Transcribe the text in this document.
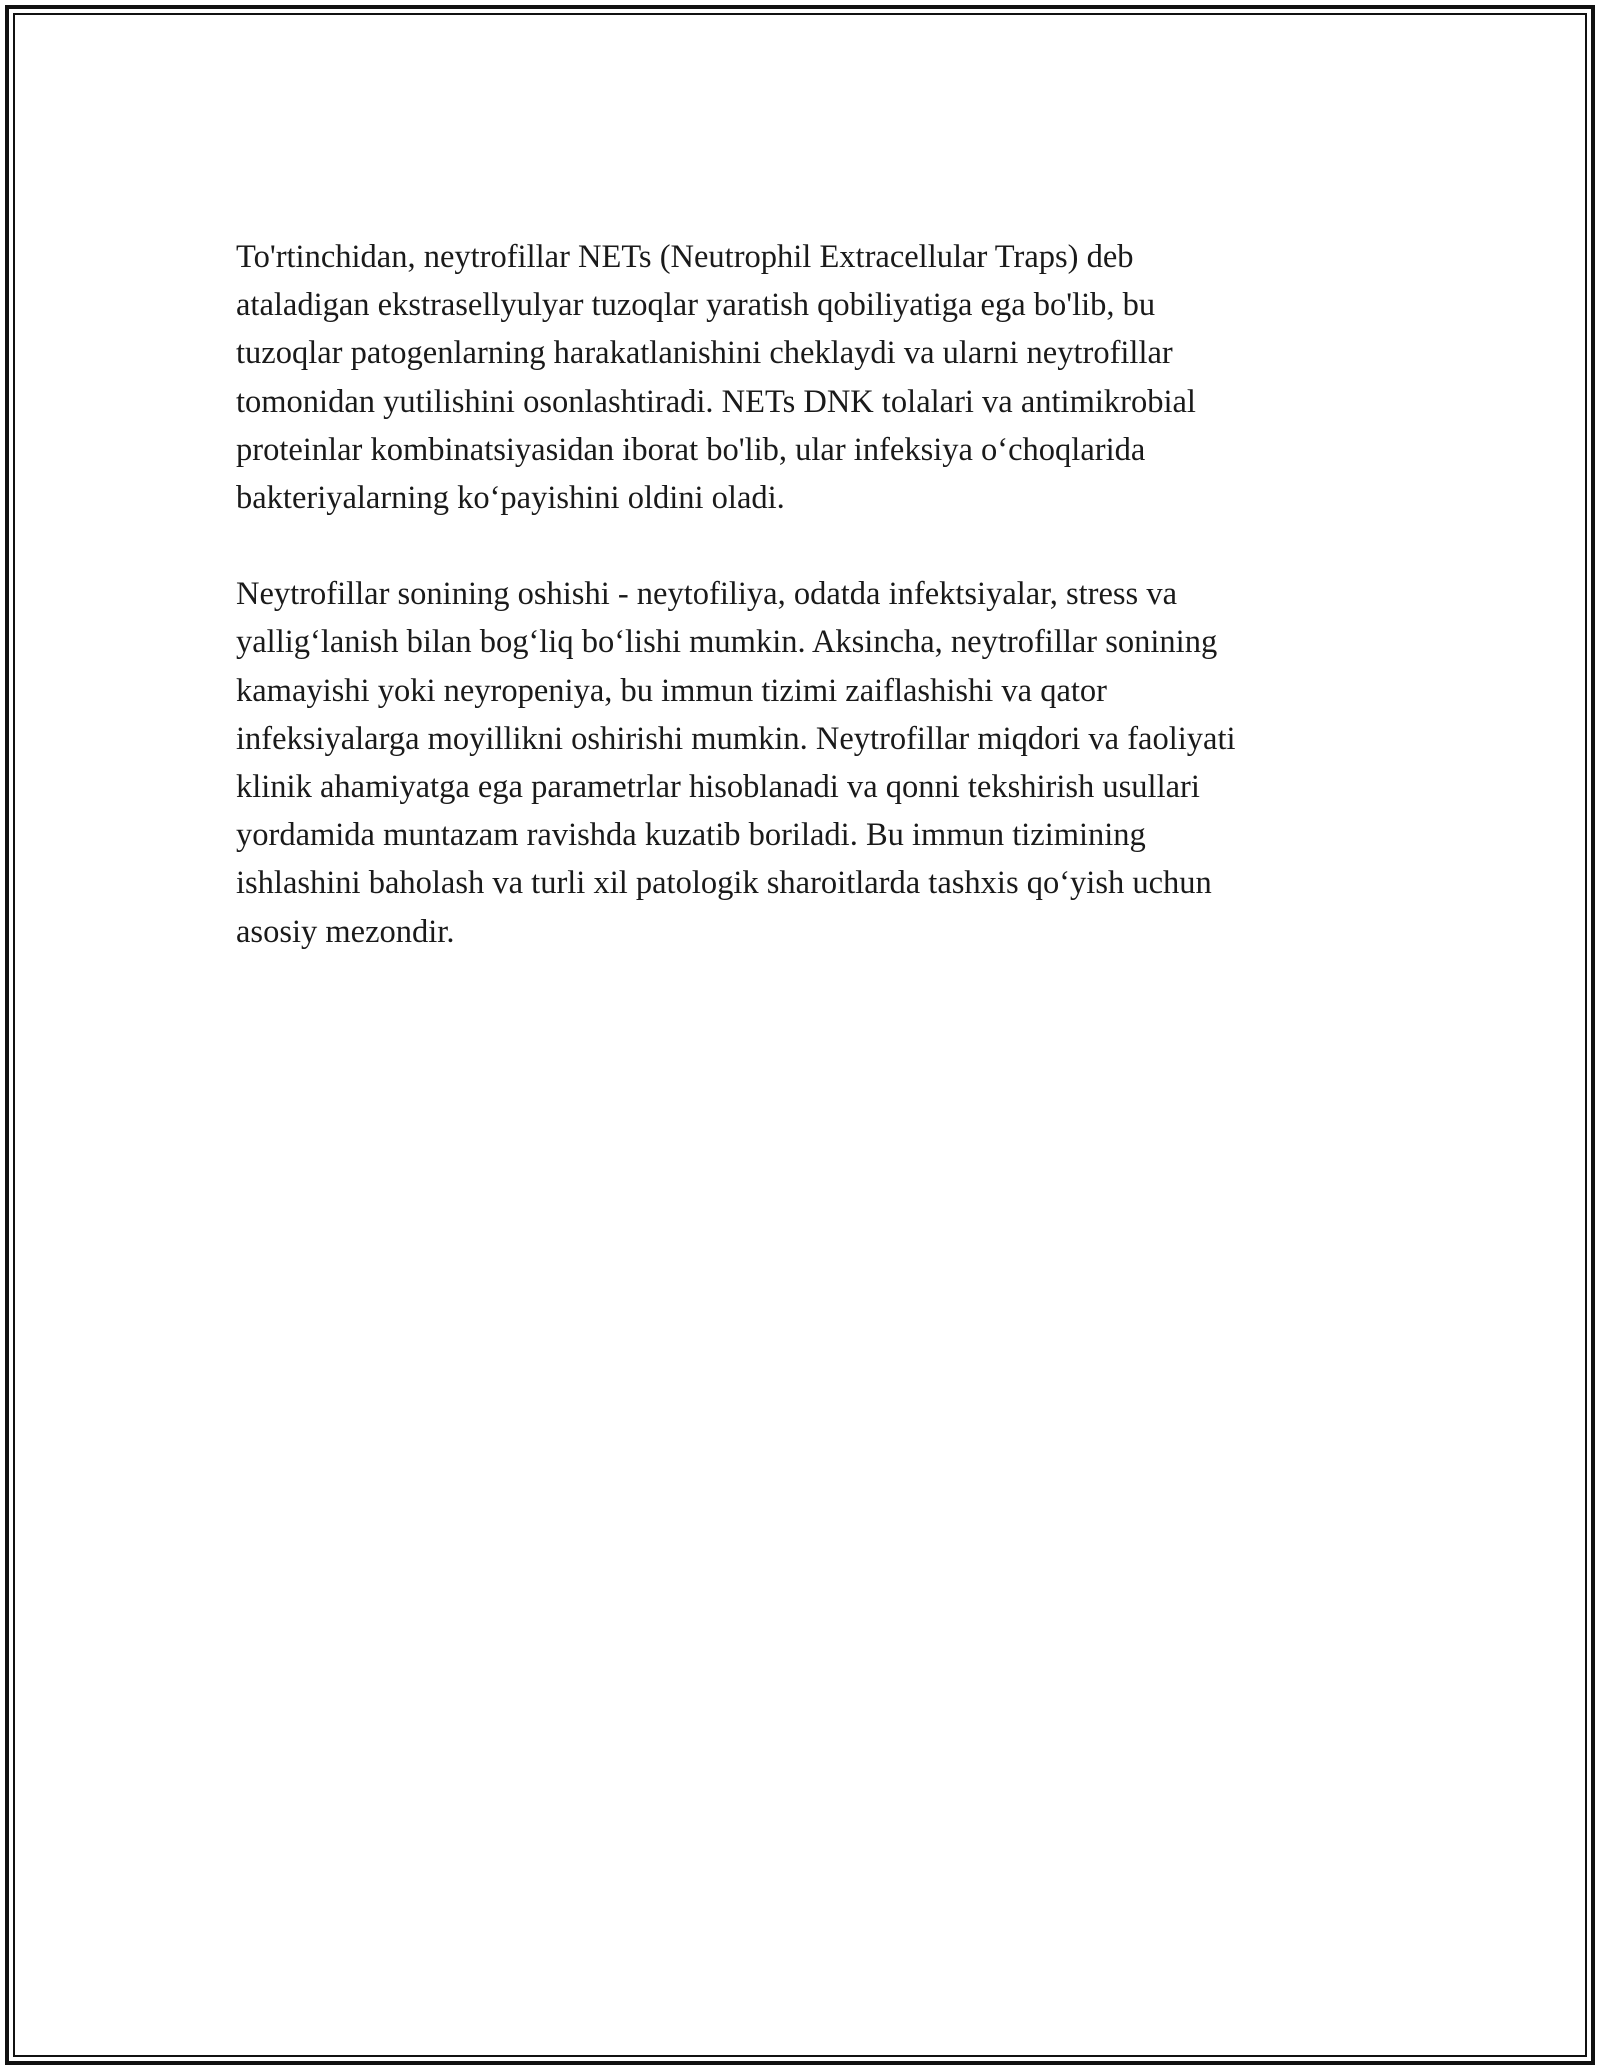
To'rtinchidan, neytrofillar NETs (Neutrophil Extracellular Traps) deb
ataladigan ekstrasellyulyar tuzoqlar yaratish qobiliyatiga ega bo'lib, bu
tuzoqlar patogenlarning harakatlanishini cheklaydi va ularni neytrofillar
tomonidan yutilishini osonlashtiradi. NETs DNK tolalari va antimikrobial
proteinlar kombinatsiyasidan iborat bo'lib, ular infeksiya o‘choqlarida
bakteriyalarning ko‘payishini oldini oladi.

Neytrofillar sonining oshishi - neytofiliya, odatda infektsiyalar, stress va
yallig‘lanish bilan bog‘liq bo‘lishi mumkin. Aksincha, neytrofillar sonining
kamayishi yoki neyropeniya, bu immun tizimi zaiflashishi va qator
infeksiyalarga moyillikni oshirishi mumkin. Neytrofillar miqdori va faoliyati
klinik ahamiyatga ega parametrlar hisoblanadi va qonni tekshirish usullari
yordamida muntazam ravishda kuzatib boriladi. Bu immun tizimining
ishlashini baholash va turli xil patologik sharoitlarda tashxis qo‘yish uchun
asosiy mezondir.
